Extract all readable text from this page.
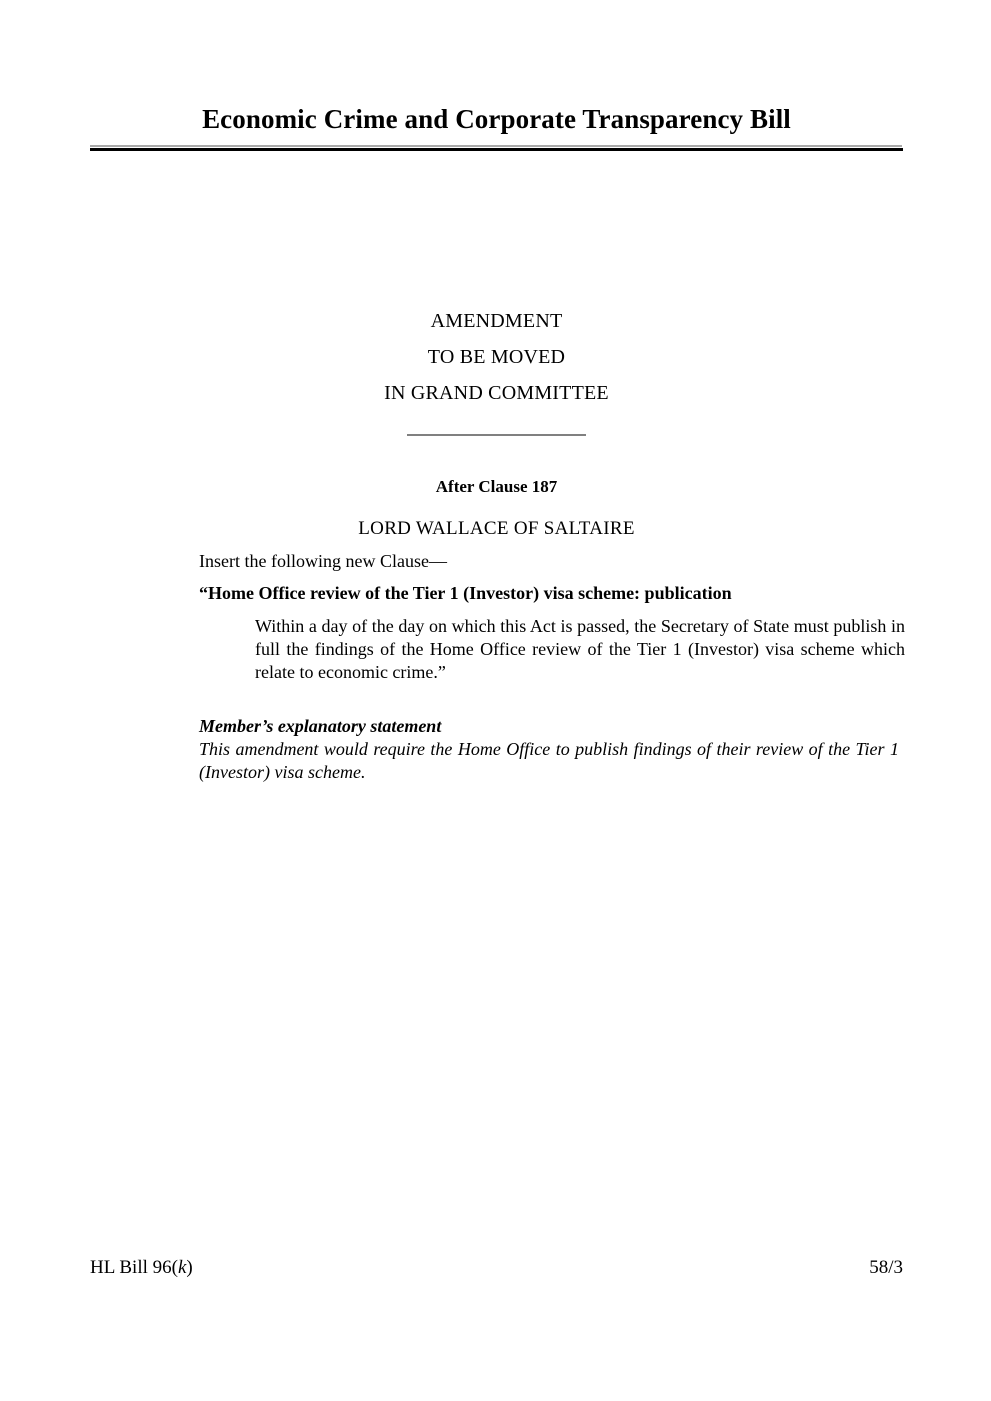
Economic Crime and Corporate Transparency Bill
AMENDMENT
TO BE MOVED
IN GRAND COMMITTEE
After Clause 187
LORD WALLACE OF SALTAIRE
Insert the following new Clause—
“Home Office review of the Tier 1 (Investor) visa scheme: publication
Within a day of the day on which this Act is passed, the Secretary of State must publish in full the findings of the Home Office review of the Tier 1 (Investor) visa scheme which relate to economic crime.”
Member’s explanatory statement
This amendment would require the Home Office to publish findings of their review of the Tier 1 (Investor) visa scheme.
HL Bill 96(k)	58/3
